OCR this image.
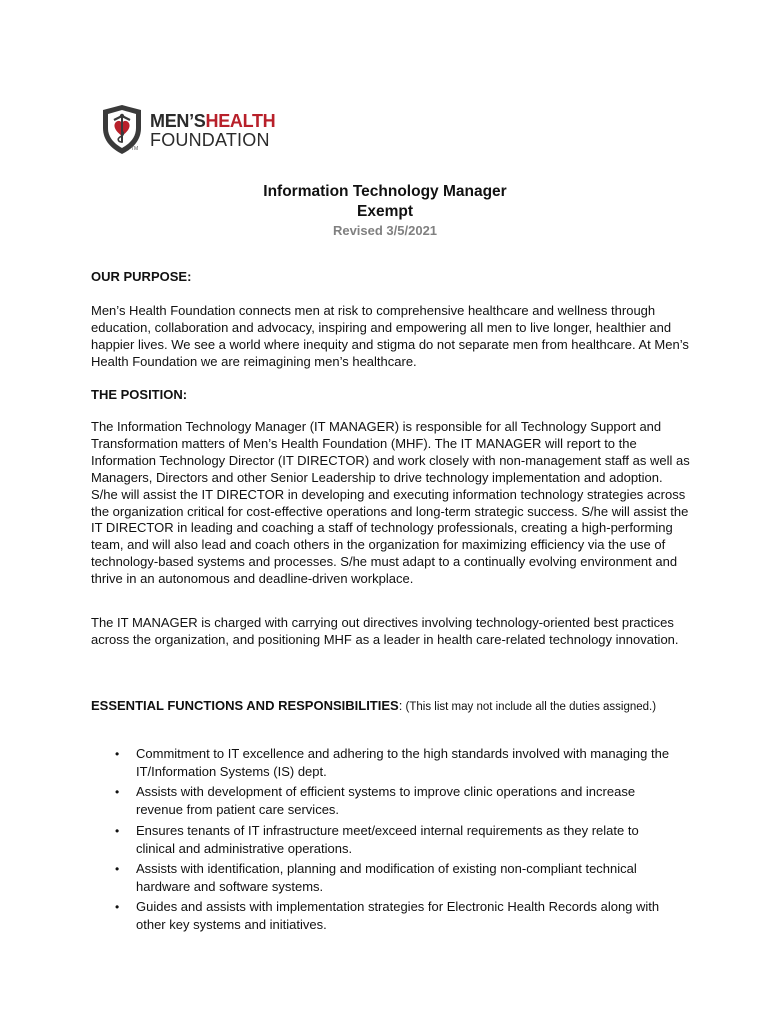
MEN’SHEALTH
FOUNDATION
TM
Information Technology Manager
Exempt
Revised 3/5/2021
OUR PURPOSE:
Men’s Health Foundation connects men at risk to comprehensive healthcare and wellness through education, collaboration and advocacy, inspiring and empowering all men to live longer, healthier and happier lives. We see a world where inequity and stigma do not separate men from healthcare. At Men’s Health Foundation we are reimagining men’s healthcare.
THE POSITION:
The Information Technology Manager (IT MANAGER) is responsible for all Technology Support and Transformation matters of Men’s Health Foundation (MHF). The IT MANAGER will report to the Information Technology Director (IT DIRECTOR) and work closely with non-management staff as well as Managers, Directors and other Senior Leadership to drive technology implementation and adoption. S/he will assist the IT DIRECTOR in developing and executing information technology strategies across the organization critical for cost-effective operations and long-term strategic success. S/he will assist the IT DIRECTOR in leading and coaching a staff of technology professionals, creating a high-performing team, and will also lead and coach others in the organization for maximizing efficiency via the use of technology-based systems and processes. S/he must adapt to a continually evolving environment and thrive in an autonomous and deadline-driven workplace.
The IT MANAGER is charged with carrying out directives involving technology-oriented best practices across the organization, and positioning MHF as a leader in health care-related technology innovation.
ESSENTIAL FUNCTIONS AND RESPONSIBILITIES: (This list may not include all the duties assigned.)
• Commitment to IT excellence and adhering to the high standards involved with managing the IT/Information Systems (IS) dept.
• Assists with development of efficient systems to improve clinic operations and increase revenue from patient care services.
• Ensures tenants of IT infrastructure meet/exceed internal requirements as they relate to clinical and administrative operations.
• Assists with identification, planning and modification of existing non-compliant technical hardware and software systems.
• Guides and assists with implementation strategies for Electronic Health Records along with other key systems and initiatives.
